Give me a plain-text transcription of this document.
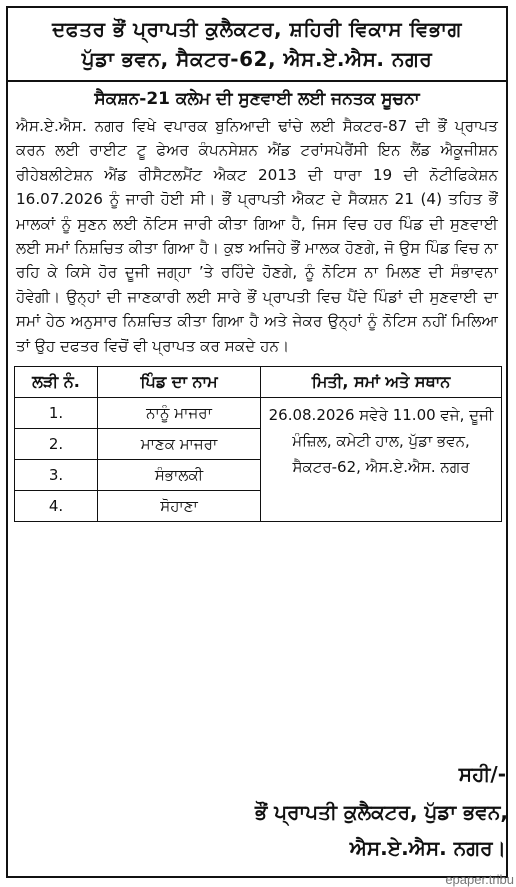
ਦਫਤਰ ਭੌਂ ਪ੍ਰਾਪਤੀ ਕੁਲੈਕਟਰ, ਸ਼ਹਿਰੀ ਵਿਕਾਸ ਵਿਭਾਗ
ਪੁੱਡਾ ਭਵਨ, ਸੈਕਟਰ-62, ਐਸ.ਏ.ਐਸ. ਨਗਰ
ਸੈਕਸ਼ਨ-21 ਕਲੇਮ ਦੀ ਸੁਣਵਾਈ ਲਈ ਜਨਤਕ ਸੂਚਨਾ
ਐਸ.ਏ.ਐਸ. ਨਗਰ ਵਿਖੇ ਵਪਾਰਕ ਬੁਨਿਆਦੀ ਢਾਂਚੇ ਲਈ ਸੈਕਟਰ-87 ਦੀ ਭੌਂ ਪ੍ਰਾਪਤ ਕਰਨ ਲਈ ਰਾਈਟ ਟੂ ਫੇਅਰ ਕੰਪਨਸੇਸ਼ਨ ਐਂਡ ਟਰਾਂਸਪੇਰੈਂਸੀ ਇਨ ਲੈਂਡ ਐਕੂਜੀਸ਼ਨ ਰੀਹੇਬਲੀਟੇਸ਼ਨ ਐਂਡ ਰੀਸੈਟਲਮੈਂਟ ਐਕਟ 2013 ਦੀ ਧਾਰਾ 19 ਦੀ ਨੋਟੀਫਿਕੇਸ਼ਨ 16.07.2026 ਨੂੰ ਜਾਰੀ ਹੋਈ ਸੀ। ਭੌਂ ਪ੍ਰਾਪਤੀ ਐਕਟ ਦੇ ਸੈਕਸ਼ਨ 21 (4) ਤਹਿਤ ਭੌਂ ਮਾਲਕਾਂ ਨੂੰ ਸੁਣਨ ਲਈ ਨੋਟਿਸ ਜਾਰੀ ਕੀਤਾ ਗਿਆ ਹੈ, ਜਿਸ ਵਿਚ ਹਰ ਪਿੰਡ ਦੀ ਸੁਣਵਾਈ ਲਈ ਸਮਾਂ ਨਿਸ਼ਚਿਤ ਕੀਤਾ ਗਿਆ ਹੈ। ਕੁਝ ਅਜਿਹੇ ਭੌਂ ਮਾਲਕ ਹੋਣਗੇ, ਜੋ ਉਸ ਪਿੰਡ ਵਿਚ ਨਾ ਰਹਿ ਕੇ ਕਿਸੇ ਹੋਰ ਦੂਜੀ ਜਗ੍ਹਾ ’ਤੇ ਰਹਿੰਦੇ ਹੋਣਗੇ, ਨੂੰ ਨੋਟਿਸ ਨਾ ਮਿਲਣ ਦੀ ਸੰਭਾਵਨਾ ਹੋਵੇਗੀ। ਉਨ੍ਹਾਂ ਦੀ ਜਾਣਕਾਰੀ ਲਈ ਸਾਰੇ ਭੌਂ ਪ੍ਰਾਪਤੀ ਵਿਚ ਪੈਂਦੇ ਪਿੰਡਾਂ ਦੀ ਸੁਣਵਾਈ ਦਾ ਸਮਾਂ ਹੇਠ ਅਨੁਸਾਰ ਨਿਸ਼ਚਿਤ ਕੀਤਾ ਗਿਆ ਹੈ ਅਤੇ ਜੇਕਰ ਉਨ੍ਹਾਂ ਨੂੰ ਨੋਟਿਸ ਨਹੀਂ ਮਿਲਿਆ ਤਾਂ ਉਹ ਦਫਤਰ ਵਿਚੋਂ ਵੀ ਪ੍ਰਾਪਤ ਕਰ ਸਕਦੇ ਹਨ।
ਲੜੀ ਨੰ.	ਪਿੰਡ ਦਾ ਨਾਮ	ਮਿਤੀ, ਸਮਾਂ ਅਤੇ ਸਥਾਨ
1.	ਨਾਨੂੰ ਮਾਜਰਾ	26.08.2026 ਸਵੇਰੇ 11.00 ਵਜੇ, ਦੂਜੀ ਮੰਜ਼ਿਲ, ਕਮੇਟੀ ਹਾਲ, ਪੁੱਡਾ ਭਵਨ, ਸੈਕਟਰ-62, ਐਸ.ਏ.ਐਸ. ਨਗਰ
2.	ਮਾਣਕ ਮਾਜਰਾ	
3.	ਸੰਭਾਲਕੀ	
4.	ਸੋਹਾਣਾ	
ਸਹੀ/-
ਭੌਂ ਪ੍ਰਾਪਤੀ ਕੁਲੈਕਟਰ, ਪੁੱਡਾ ਭਵਨ,
ਐਸ.ਏ.ਐਸ. ਨਗਰ।
epaper.tribu
